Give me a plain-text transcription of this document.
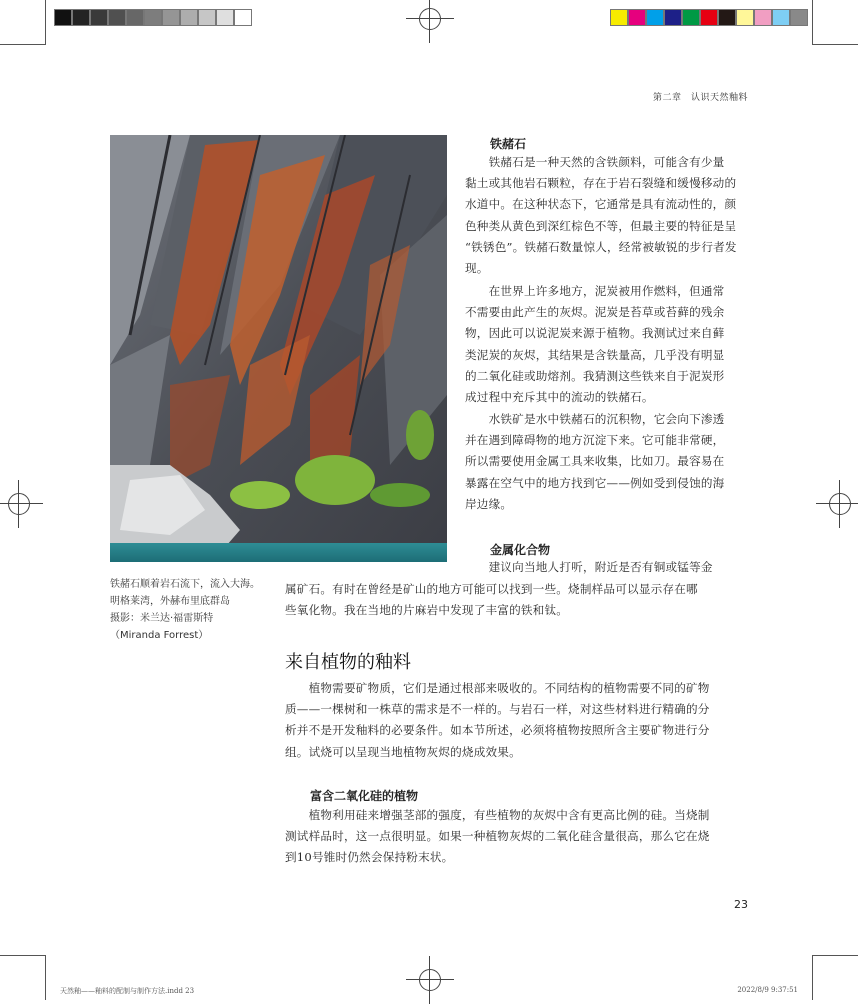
第二章　认识天然釉料
铁赭石顺着岩石流下，流入大海。
明格莱湾，外赫布里底群岛
摄影：米兰达·福雷斯特
（Miranda Forrest）
铁赭石
　　铁赭石是一种天然的含铁颜料，可能含有少量
黏土或其他岩石颗粒，存在于岩石裂缝和缓慢移动的
水道中。在这种状态下，它通常是具有流动性的，颜
色种类从黄色到深红棕色不等，但最主要的特征是呈
“铁锈色”。铁赭石数量惊人，经常被敏锐的步行者发
现。
　　在世界上许多地方，泥炭被用作燃料，但通常
不需要由此产生的灰烬。泥炭是苔草或苔藓的残余
物，因此可以说泥炭来源于植物。我测试过来自藓
类泥炭的灰烬，其结果是含铁量高，几乎没有明显
的二氧化硅或助熔剂。我猜测这些铁来自于泥炭形
成过程中充斥其中的流动的铁赭石。
　　水铁矿是水中铁赭石的沉积物，它会向下渗透
并在遇到障碍物的地方沉淀下来。它可能非常硬，
所以需要使用金属工具来收集，比如刀。最容易在
暴露在空气中的地方找到它——例如受到侵蚀的海
岸边缘。
金属化合物
　　建议向当地人打听，附近是否有铜或锰等金
属矿石。有时在曾经是矿山的地方可能可以找到一些。烧制样品可以显示存在哪
些氧化物。我在当地的片麻岩中发现了丰富的铁和钛。
来自植物的釉料
　　植物需要矿物质，它们是通过根部来吸收的。不同结构的植物需要不同的矿物
质——一棵树和一株草的需求是不一样的。与岩石一样，对这些材料进行精确的分
析并不是开发釉料的必要条件。如本节所述，必须将植物按照所含主要矿物进行分
组。试烧可以呈现当地植物灰烬的烧成效果。
富含二氧化硅的植物
　　植物利用硅来增强茎部的强度，有些植物的灰烬中含有更高比例的硅。当烧制
测试样品时，这一点很明显。如果一种植物灰烬的二氧化硅含量很高，那么它在烧
到10号锥时仍然会保持粉末状。
23
天然釉——釉料的配制与制作方法.indd 23	2022/8/9 9:37:51
